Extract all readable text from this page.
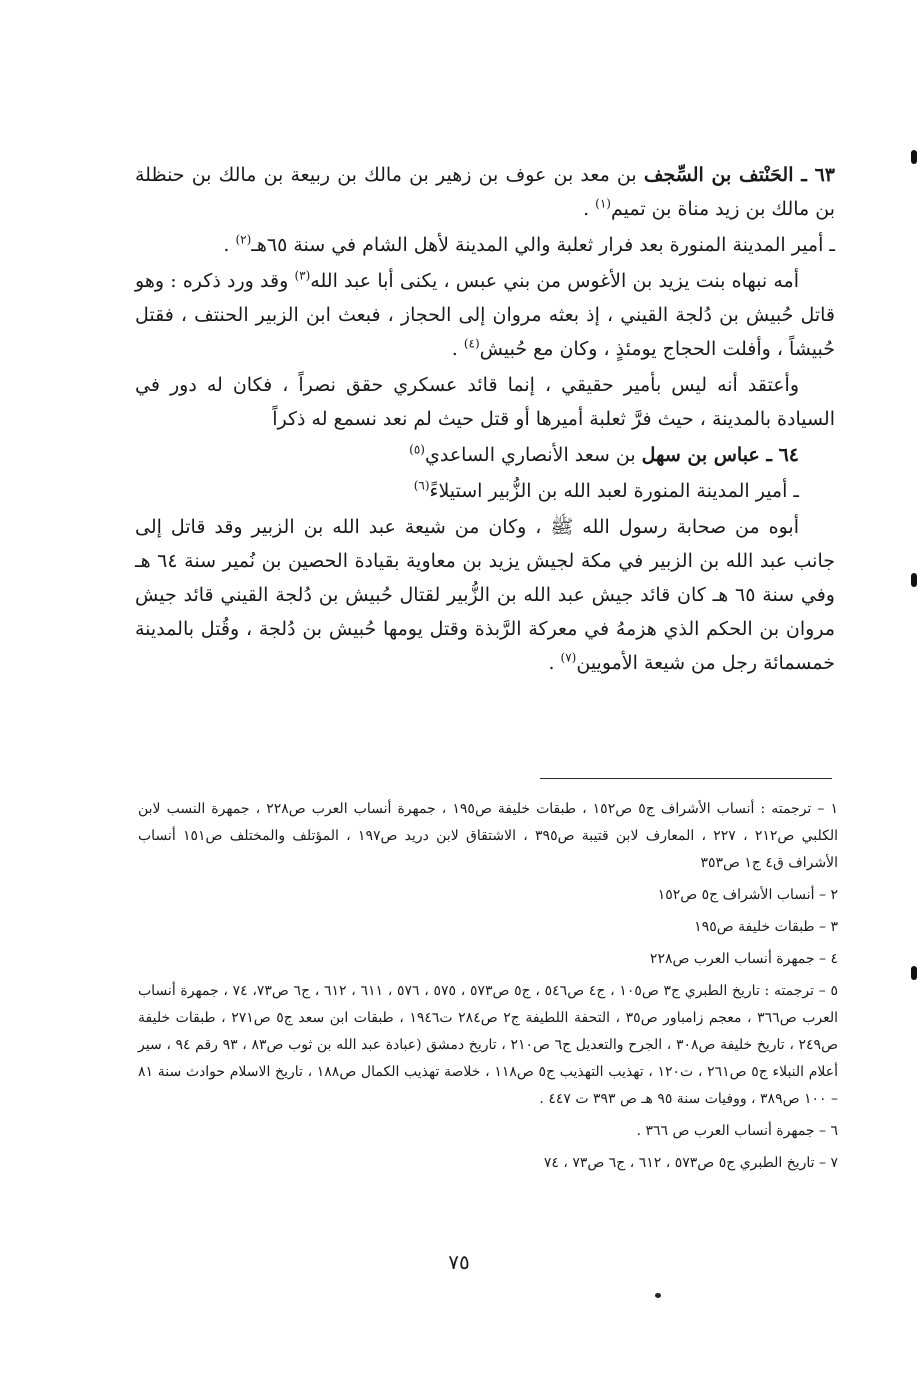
٦٣ ـ الحَنْتف بن السِّجف بن معد بن عوف بن زهير بن مالك بن ربيعة بن مالك بن حنظلة بن مالك بن زيد مناة بن تميم$^{(١)}$ .

ـ أمير المدينة المنورة بعد فرار ثعلبة والي المدينة لأهل الشام في سنة ٦٥هـ$^{(٢)}$ .

أمه نبهاه بنت يزيد بن الأغوس من بني عبس ، يكنى أبا عبد الله$^{(٣)}$ وقد ورد ذكره : وهو قاتل حُبيش بن دُلجة القيني ، إذ بعثه مروان إلى الحجاز ، فبعث ابن الزبير الحنتف ، فقتل حُبيشاً ، وأفلت الحجاج يومئذٍ ، وكان مع حُبيش$^{(٤)}$ .

وأعتقد أنه ليس بأمير حقيقي ، إنما قائد عسكري حقق نصراً ، فكان له دور في السيادة بالمدينة ، حيث فرَّ ثعلبة أميرها أو قتل حيث لم نعد نسمع له ذكراً

٦٤ ـ عباس بن سهل بن سعد الأنصاري الساعدي$^{(٥)}$

ـ أمير المدينة المنورة لعبد الله بن الزُّبير استيلاءً$^{(٦)}$

أبوه من صحابة رسول الله ﷺ ، وكان من شيعة عبد الله بن الزبير وقد قاتل إلى جانب عبد الله بن الزبير في مكة لجيش يزيد بن معاوية بقيادة الحصين بن نُمير سنة ٦٤ هـ وفي سنة ٦٥ هـ كان قائد جيش عبد الله بن الزُّبير لقتال حُبيش بن دُلجة القيني قائد جيش مروان بن الحكم الذي هزمهُ في معركة الرَّبذة وقتل يومها حُبيش بن دُلجة ، وقُتل بالمدينة خمسمائة رجل من شيعة الأمويين$^{(٧)}$ .

١ – ترجمته : أنساب الأشراف ج٥ ص١٥٢ ، طبقات خليفة ص١٩٥ ، جمهرة أنساب العرب ص٢٢٨ ، جمهرة النسب لابن الكلبي ص٢١٢ ، ٢٢٧ ، المعارف لابن قتيبة ص٣٩٥ ، الاشتقاق لابن دريد ص١٩٧ ، المؤتلف والمختلف ص١٥١ أنساب الأشراف ق٤ ج١ ص٣٥٣

٢ – أنساب الأشراف ج٥ ص١٥٢

٣ – طبقات خليفة ص١٩٥

٤ – جمهرة أنساب العرب ص٢٢٨

٥ – ترجمته : تاريخ الطبري ج٣ ص١٠٥ ، ج٤ ص٥٤٦ ، ج٥ ص٥٧٣ ، ٥٧٥ ، ٥٧٦ ، ٦١١ ، ٦١٢ ، ج٦ ص٧٣، ٧٤ ، جمهرة أنساب العرب ص٣٦٦ ، معجم زامباور ص٣٥ ، التحفة اللطيفة ج٢ ص٢٨٤ ت١٩٤٦ ، طبقات ابن سعد ج٥ ص٢٧١ ، طبقات خليفة ص٢٤٩ ، تاريخ خليفة ص٣٠٨ ، الجرح والتعديل ج٦ ص٢١٠ ، تاريخ دمشق (عبادة عبد الله بن ثوب ص٨٣ ، ٩٣ رقم ٩٤ ، سير أعلام النبلاء ج٥ ص٢٦١ ، ت١٢٠ ، تهذيب التهذيب ج٥ ص١١٨ ، خلاصة تهذيب الكمال ص١٨٨ ، تاريخ الاسلام حوادث سنة ٨١ – ١٠٠ ص٣٨٩ ، ووفيات سنة ٩٥ هـ ص ٣٩٣ ت ٤٤٧ .

٦ – جمهرة أنساب العرب ص ٣٦٦ .

٧ – تاريخ الطبري ج٥ ص٥٧٣ ، ٦١٢ ، ج٦ ص٧٣ ، ٧٤

٧٥
